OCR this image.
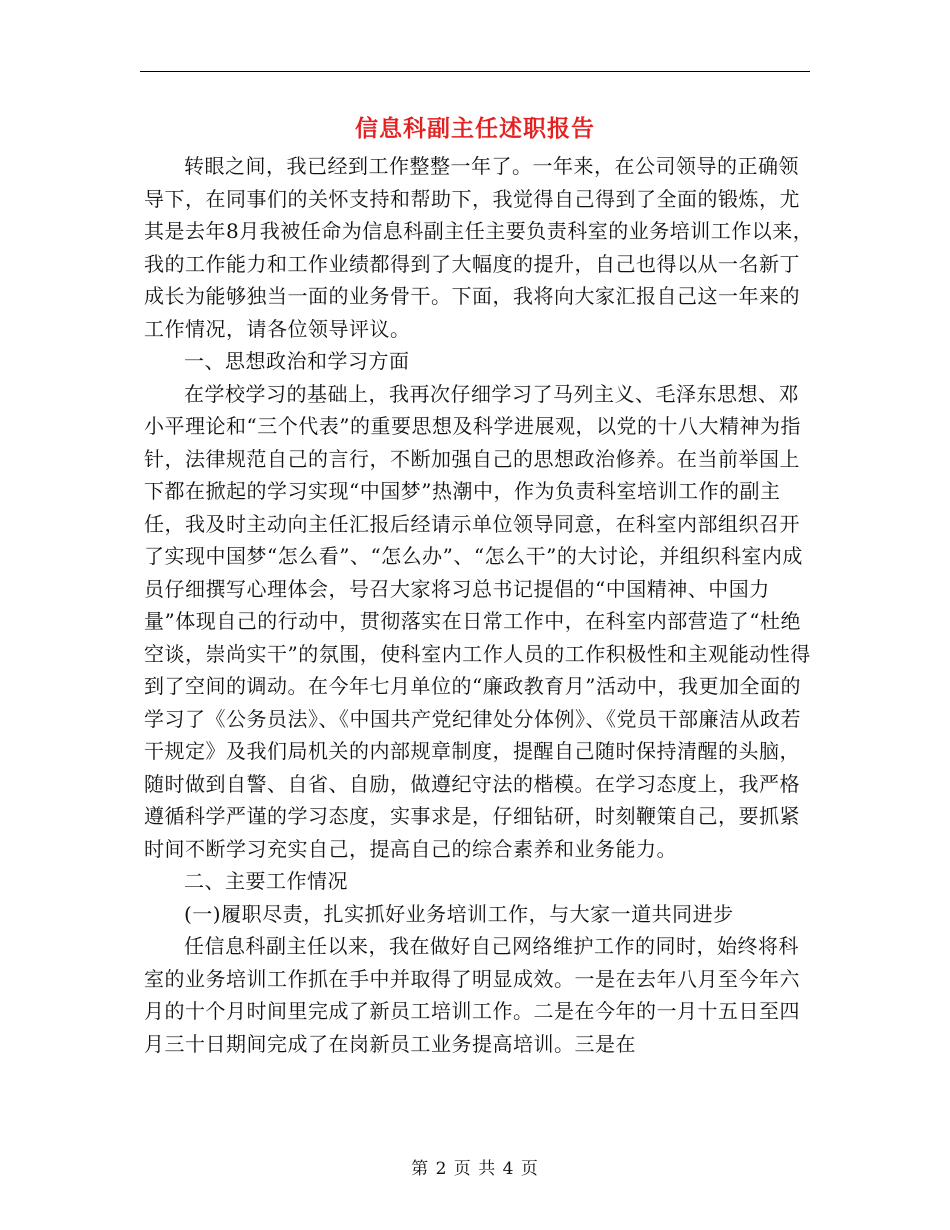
信息科副主任述职报告

转眼之间，我已经到工作整整一年了。一年来，在公司领导的正确领导下，在同事们的关怀支持和帮助下，我觉得自己得到了全面的锻炼，尤其是去年8月我被任命为信息科副主任主要负责科室的业务培训工作以来，我的工作能力和工作业绩都得到了大幅度的提升，自己也得以从一名新丁成长为能够独当一面的业务骨干。下面，我将向大家汇报自己这一年来的工作情况，请各位领导评议。

一、思想政治和学习方面

在学校学习的基础上，我再次仔细学习了马列主义、毛泽东思想、邓小平理论和“三个代表”的重要思想及科学进展观，以党的十八大精神为指针，法律规范自己的言行，不断加强自己的思想政治修养。在当前举国上下都在掀起的学习实现“中国梦”热潮中，作为负责科室培训工作的副主任，我及时主动向主任汇报后经请示单位领导同意，在科室内部组织召开了实现中国梦“怎么看”、“怎么办”、“怎么干”的大讨论，并组织科室内成员仔细撰写心理体会，号召大家将习总书记提倡的“中国精神、中国力量”体现自己的行动中，贯彻落实在日常工作中，在科室内部营造了“杜绝空谈，崇尚实干”的氛围，使科室内工作人员的工作积极性和主观能动性得到了空间的调动。在今年七月单位的“廉政教育月”活动中，我更加全面的学习了《公务员法》、《中国共产党纪律处分体例》、《党员干部廉洁从政若干规定》及我们局机关的内部规章制度，提醒自己随时保持清醒的头脑，随时做到自警、自省、自励，做遵纪守法的楷模。在学习态度上，我严格遵循科学严谨的学习态度，实事求是，仔细钻研，时刻鞭策自己，要抓紧时间不断学习充实自己，提高自己的综合素养和业务能力。

二、主要工作情况

(一)履职尽责，扎实抓好业务培训工作，与大家一道共同进步

任信息科副主任以来，我在做好自己网络维护工作的同时，始终将科室的业务培训工作抓在手中并取得了明显成效。一是在去年八月至今年六月的十个月时间里完成了新员工培训工作。二是在今年的一月十五日至四月三十日期间完成了在岗新员工业务提高培训。三是在

第 2 页 共 4 页
